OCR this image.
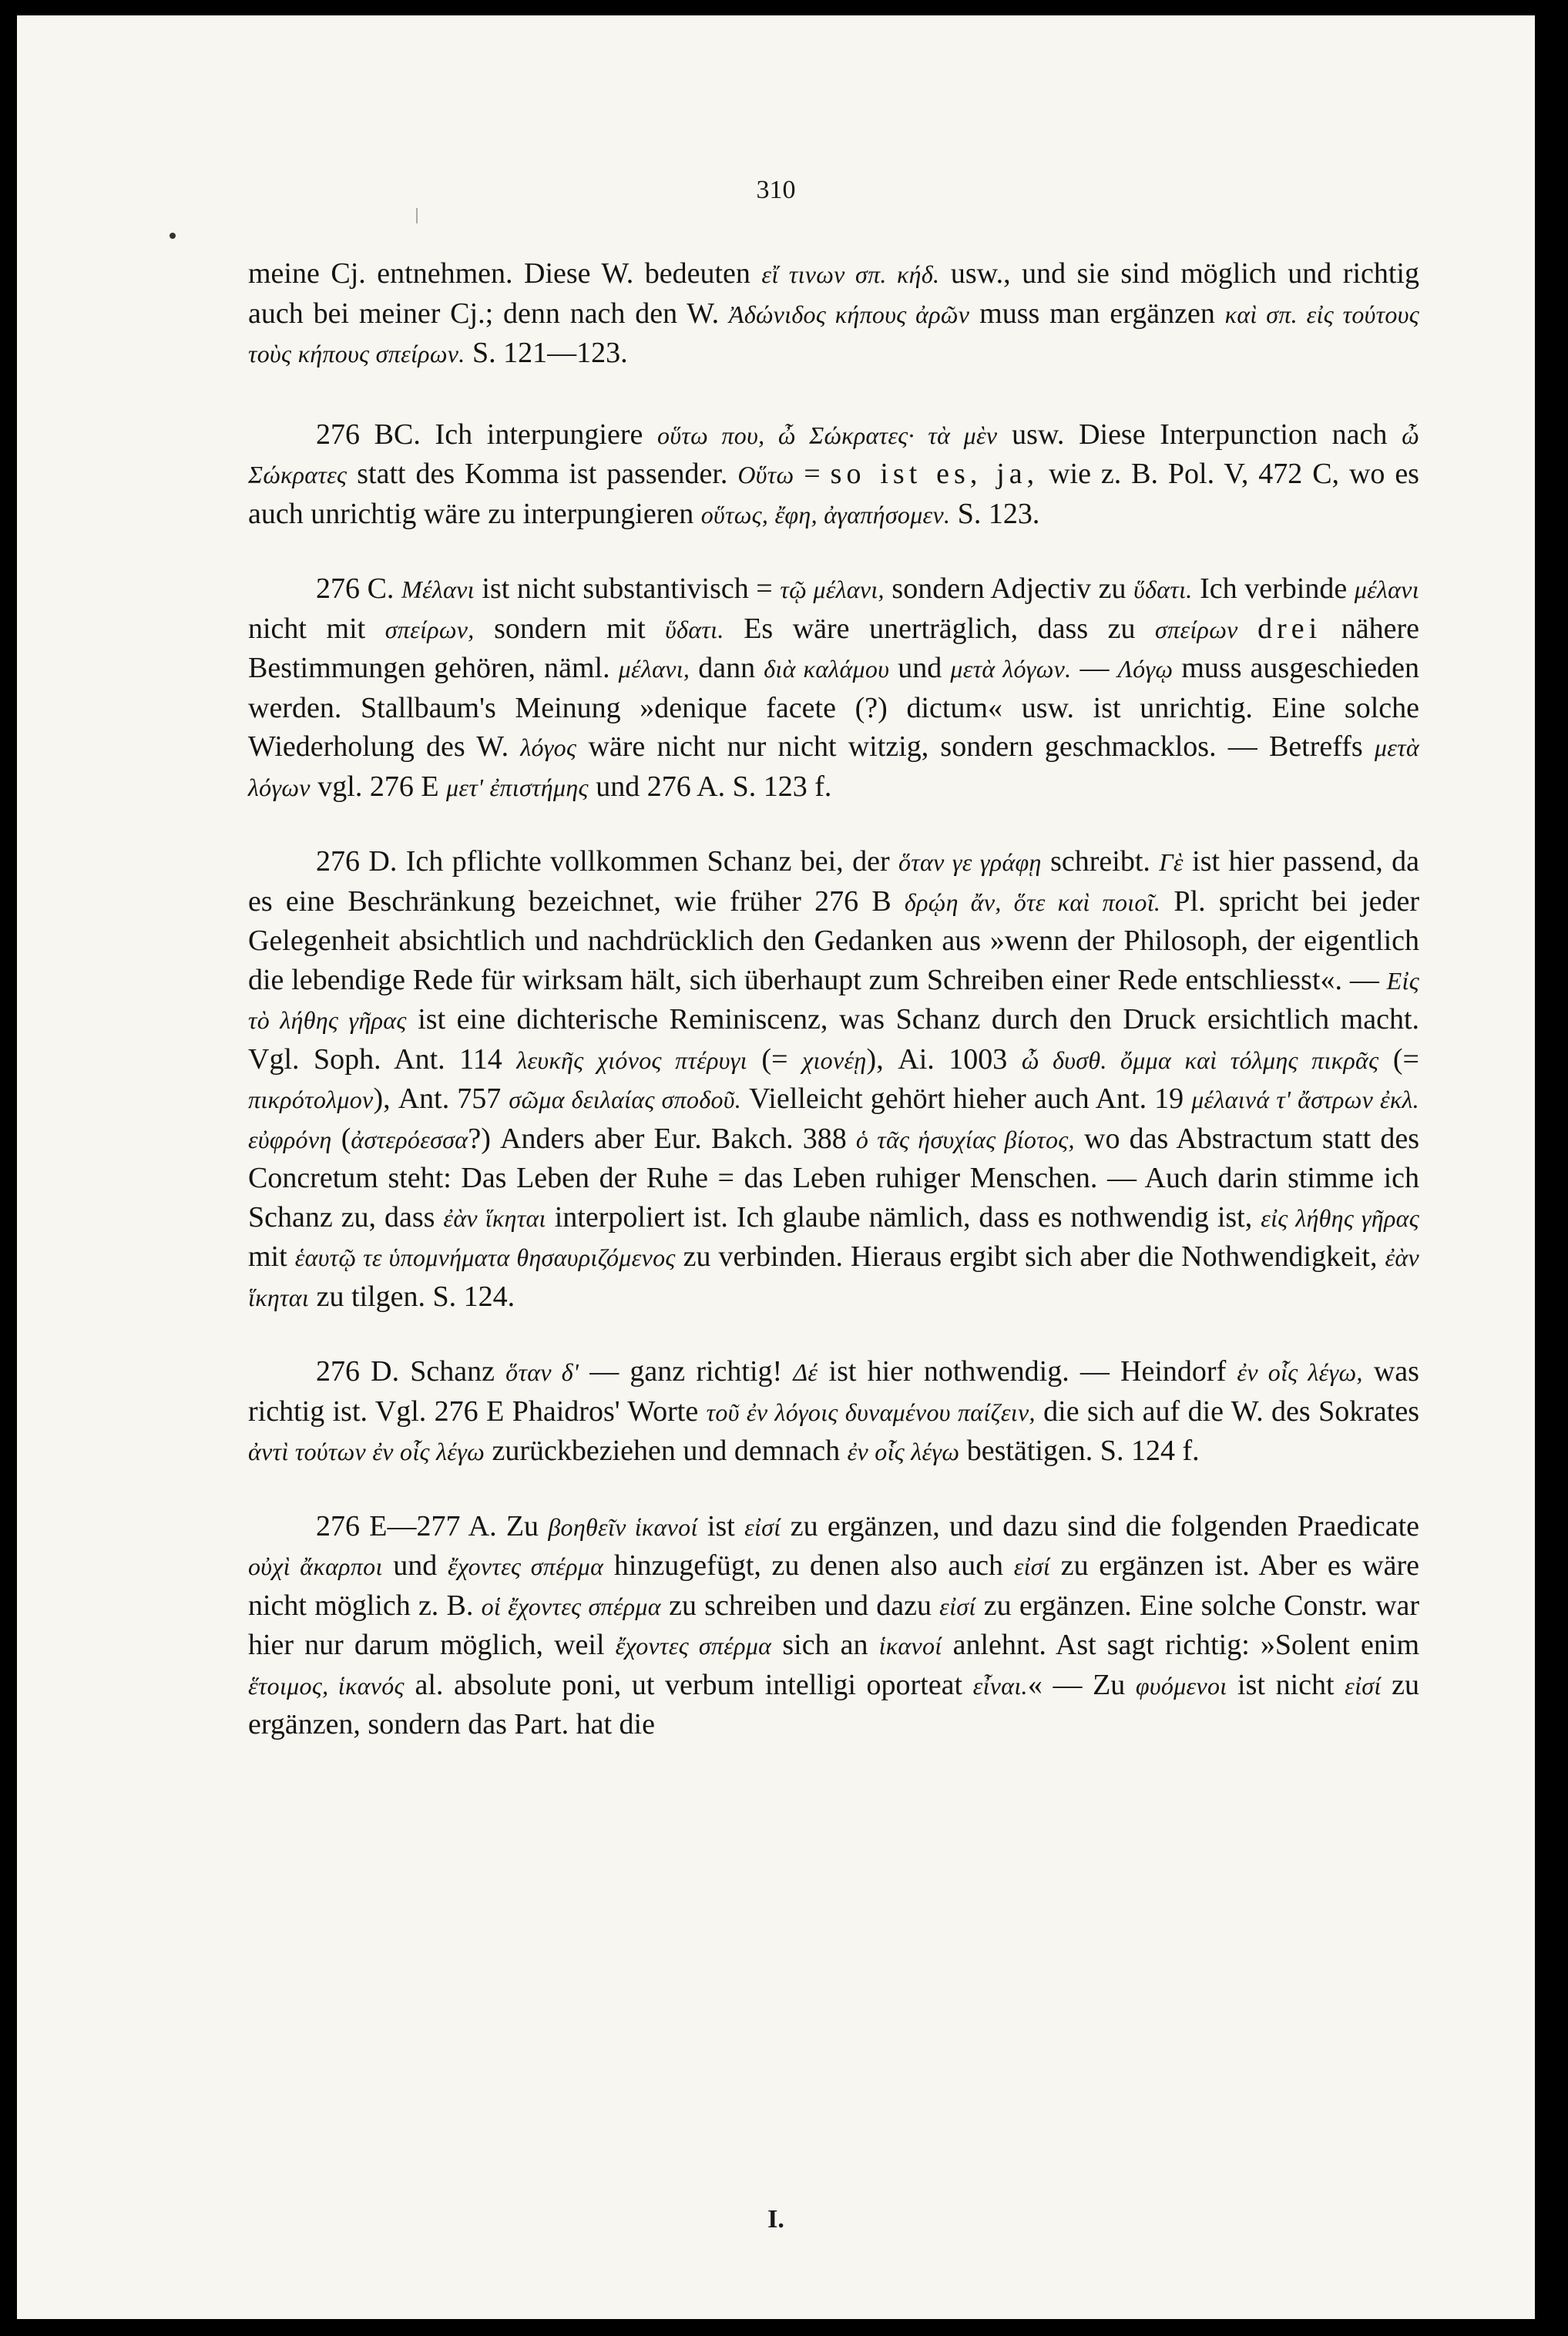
310

meine Cj. entnehmen. Diese W. bedeuten εἴ τινων σπ. κήδ. usw., und sie sind möglich und richtig auch bei meiner Cj.; denn nach den W. Ἀδώνιδος κήπους ἀρῶν muss man ergänzen καὶ σπ. εἰς τούτους τοὺς κήπους σπείρων. S. 121—123.

276 BC. Ich interpungiere οὕτω που, ὦ Σώκρατες· τὰ μὲν usw. Diese Interpunction nach ὦ Σώκρατες statt des Komma ist passender. Οὕτω = so ist es, ja, wie z. B. Pol. V, 472 C, wo es auch unrichtig wäre zu interpungieren οὕτως, ἔφη, ἀγαπήσομεν. S. 123.

276 C. Μέλανι ist nicht substantivisch = τῷ μέλανι, sondern Adjectiv zu ὕδατι. Ich verbinde μέλανι nicht mit σπείρων, sondern mit ὕδατι. Es wäre unerträglich, dass zu σπείρων drei nähere Bestimmungen gehören, näml. μέλανι, dann διὰ καλάμου und μετὰ λόγων. — Λόγῳ muss ausgeschieden werden. Stallbaum's Meinung »denique facete (?) dictum« usw. ist unrichtig. Eine solche Wiederholung des W. λόγος wäre nicht nur nicht witzig, sondern geschmacklos. — Betreffs μετὰ λόγων vgl. 276 E μετ' ἐπιστήμης und 276 A. S. 123 f.

276 D. Ich pflichte vollkommen Schanz bei, der ὅταν γε γράφῃ schreibt. Γὲ ist hier passend, da es eine Beschränkung bezeichnet, wie früher 276 B δρῴη ἄν, ὅτε καὶ ποιοῖ. Pl. spricht bei jeder Gelegenheit absichtlich und nachdrücklich den Gedanken aus »wenn der Philosoph, der eigentlich die lebendige Rede für wirksam hält, sich überhaupt zum Schreiben einer Rede entschliesst«. — Εἰς τὸ λήθης γῆρας ist eine dichterische Reminiscenz, was Schanz durch den Druck ersichtlich macht. Vgl. Soph. Ant. 114 λευκῆς χιόνος πτέρυγι (= χιονέῃ), Ai. 1003 ὦ δυσθ. ὄμμα καὶ τόλμης πικρᾶς (= πικρότολμον), Ant. 757 σῶμα δειλαίας σποδοῦ. Vielleicht gehört hieher auch Ant. 19 μέλαινά τ' ἄστρων ἐκλ. εὐφρόνη (ἀστερόεσσα?) Anders aber Eur. Bakch. 388 ὁ τᾶς ἡσυχίας βίοτος, wo das Abstractum statt des Concretum steht: Das Leben der Ruhe = das Leben ruhiger Menschen. — Auch darin stimme ich Schanz zu, dass ἐὰν ἵκηται interpoliert ist. Ich glaube nämlich, dass es nothwendig ist, εἰς λήθης γῆρας mit ἑαυτῷ τε ὑπομνήματα θησαυριζόμενος zu verbinden. Hieraus ergibt sich aber die Nothwendigkeit, ἐὰν ἵκηται zu tilgen. S. 124.

276 D. Schanz ὅταν δ' — ganz richtig! Δέ ist hier nothwendig. — Heindorf ἐν οἷς λέγω, was richtig ist. Vgl. 276 E Phaidros' Worte τοῦ ἐν λόγοις δυναμένου παίζειν, die sich auf die W. des Sokrates ἀντὶ τούτων ἐν οἷς λέγω zurückbeziehen und demnach ἐν οἷς λέγω bestätigen. S. 124 f.

276 E—277 A. Zu βοηθεῖν ἱκανοί ist εἰσί zu ergänzen, und dazu sind die folgenden Praedicate οὐχὶ ἄκαρποι und ἔχοντες σπέρμα hinzugefügt, zu denen also auch εἰσί zu ergänzen ist. Aber es wäre nicht möglich z. B. οἱ ἔχοντες σπέρμα zu schreiben und dazu εἰσί zu ergänzen. Eine solche Constr. war hier nur darum möglich, weil ἔχοντες σπέρμα sich an ἱκανοί anlehnt. Ast sagt richtig: »Solent enim ἕτοιμος, ἱκανός al. absolute poni, ut verbum intelligi oporteat εἶναι.« — Zu φυόμενοι ist nicht εἰσί zu ergänzen, sondern das Part. hat die

I.
